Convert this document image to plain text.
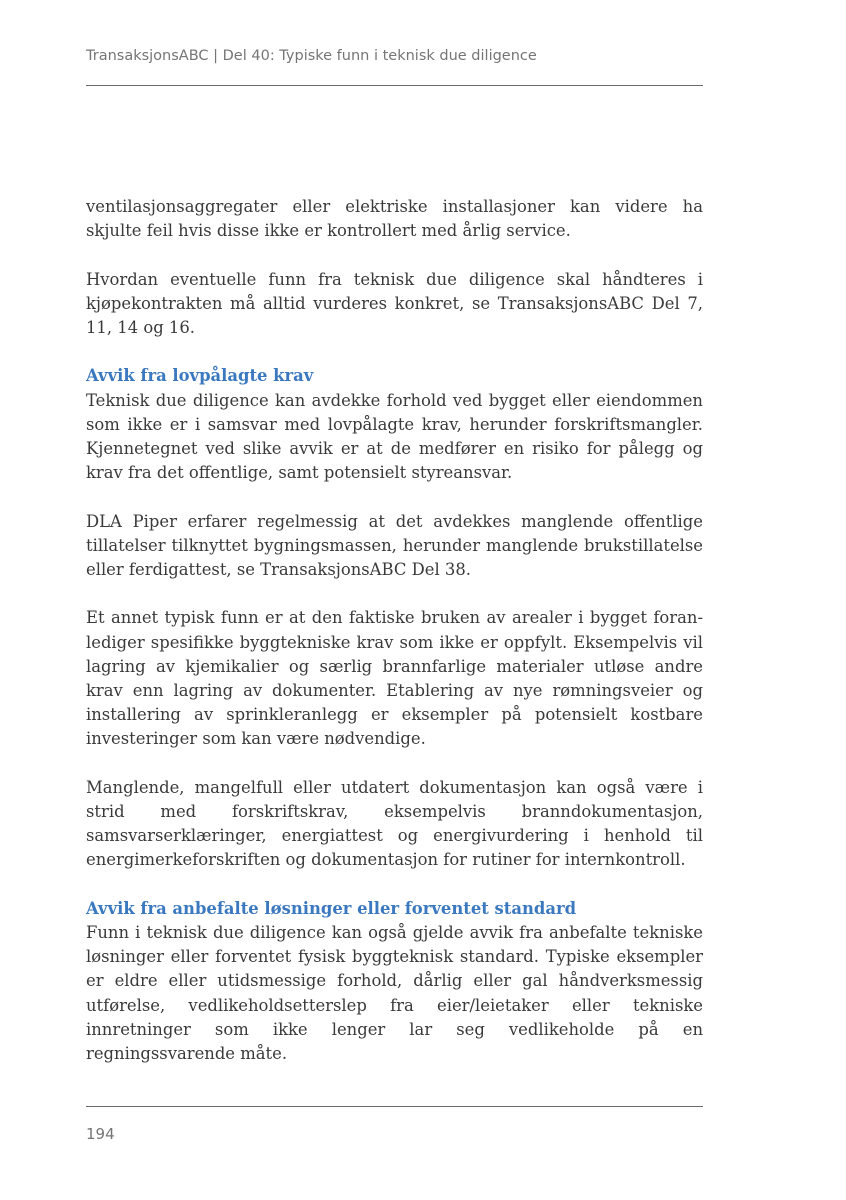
TransaksjonsABC | Del 40: Typiske funn i teknisk due diligence

ventilasjonsaggregater eller elektriske installasjoner kan videre ha skjulte feil hvis disse ikke er kontrollert med årlig service.

Hvordan eventuelle funn fra teknisk due diligence skal håndteres i kjøpekontrakten må alltid vurderes konkret, se TransaksjonsABC Del 7, 11, 14 og 16.

Avvik fra lovpålagte krav

Teknisk due diligence kan avdekke forhold ved bygget eller eiendommen som ikke er i samsvar med lovpålagte krav, herunder forskriftsmangler. Kjennetegnet ved slike avvik er at de medfører en risiko for pålegg og krav fra det offentlige, samt potensielt styreansvar.

DLA Piper erfarer regelmessig at det avdekkes manglende offentlige tillatelser tilknyttet bygningsmassen, herunder manglende brukstillatelse eller ferdigattest, se TransaksjonsABC Del 38.

Et annet typisk funn er at den faktiske bruken av arealer i bygget foranlediger spesifikke byggtekniske krav som ikke er oppfylt. Eksempelvis vil lagring av kjemikalier og særlig brannfarlige materialer utløse andre krav enn lagring av dokumenter. Etablering av nye rømningsveier og installering av sprinkleranlegg er eksempler på potensielt kostbare investeringer som kan være nødvendige.

Manglende, mangelfull eller utdatert dokumentasjon kan også være i strid med forskriftskrav, eksempelvis branndokumentasjon, samsvarserklæringer, energiattest og energivurdering i henhold til energimerkeforskriften og dokumentasjon for rutiner for internkontroll.

Avvik fra anbefalte løsninger eller forventet standard

Funn i teknisk due diligence kan også gjelde avvik fra anbefalte tekniske løsninger eller forventet fysisk byggteknisk standard. Typiske eksempler er eldre eller utidsmessige forhold, dårlig eller gal håndverksmessig utførelse, vedlikeholdsetterslep fra eier/leietaker eller tekniske innretninger som ikke lenger lar seg vedlikeholde på en regningssvarende måte.

194
